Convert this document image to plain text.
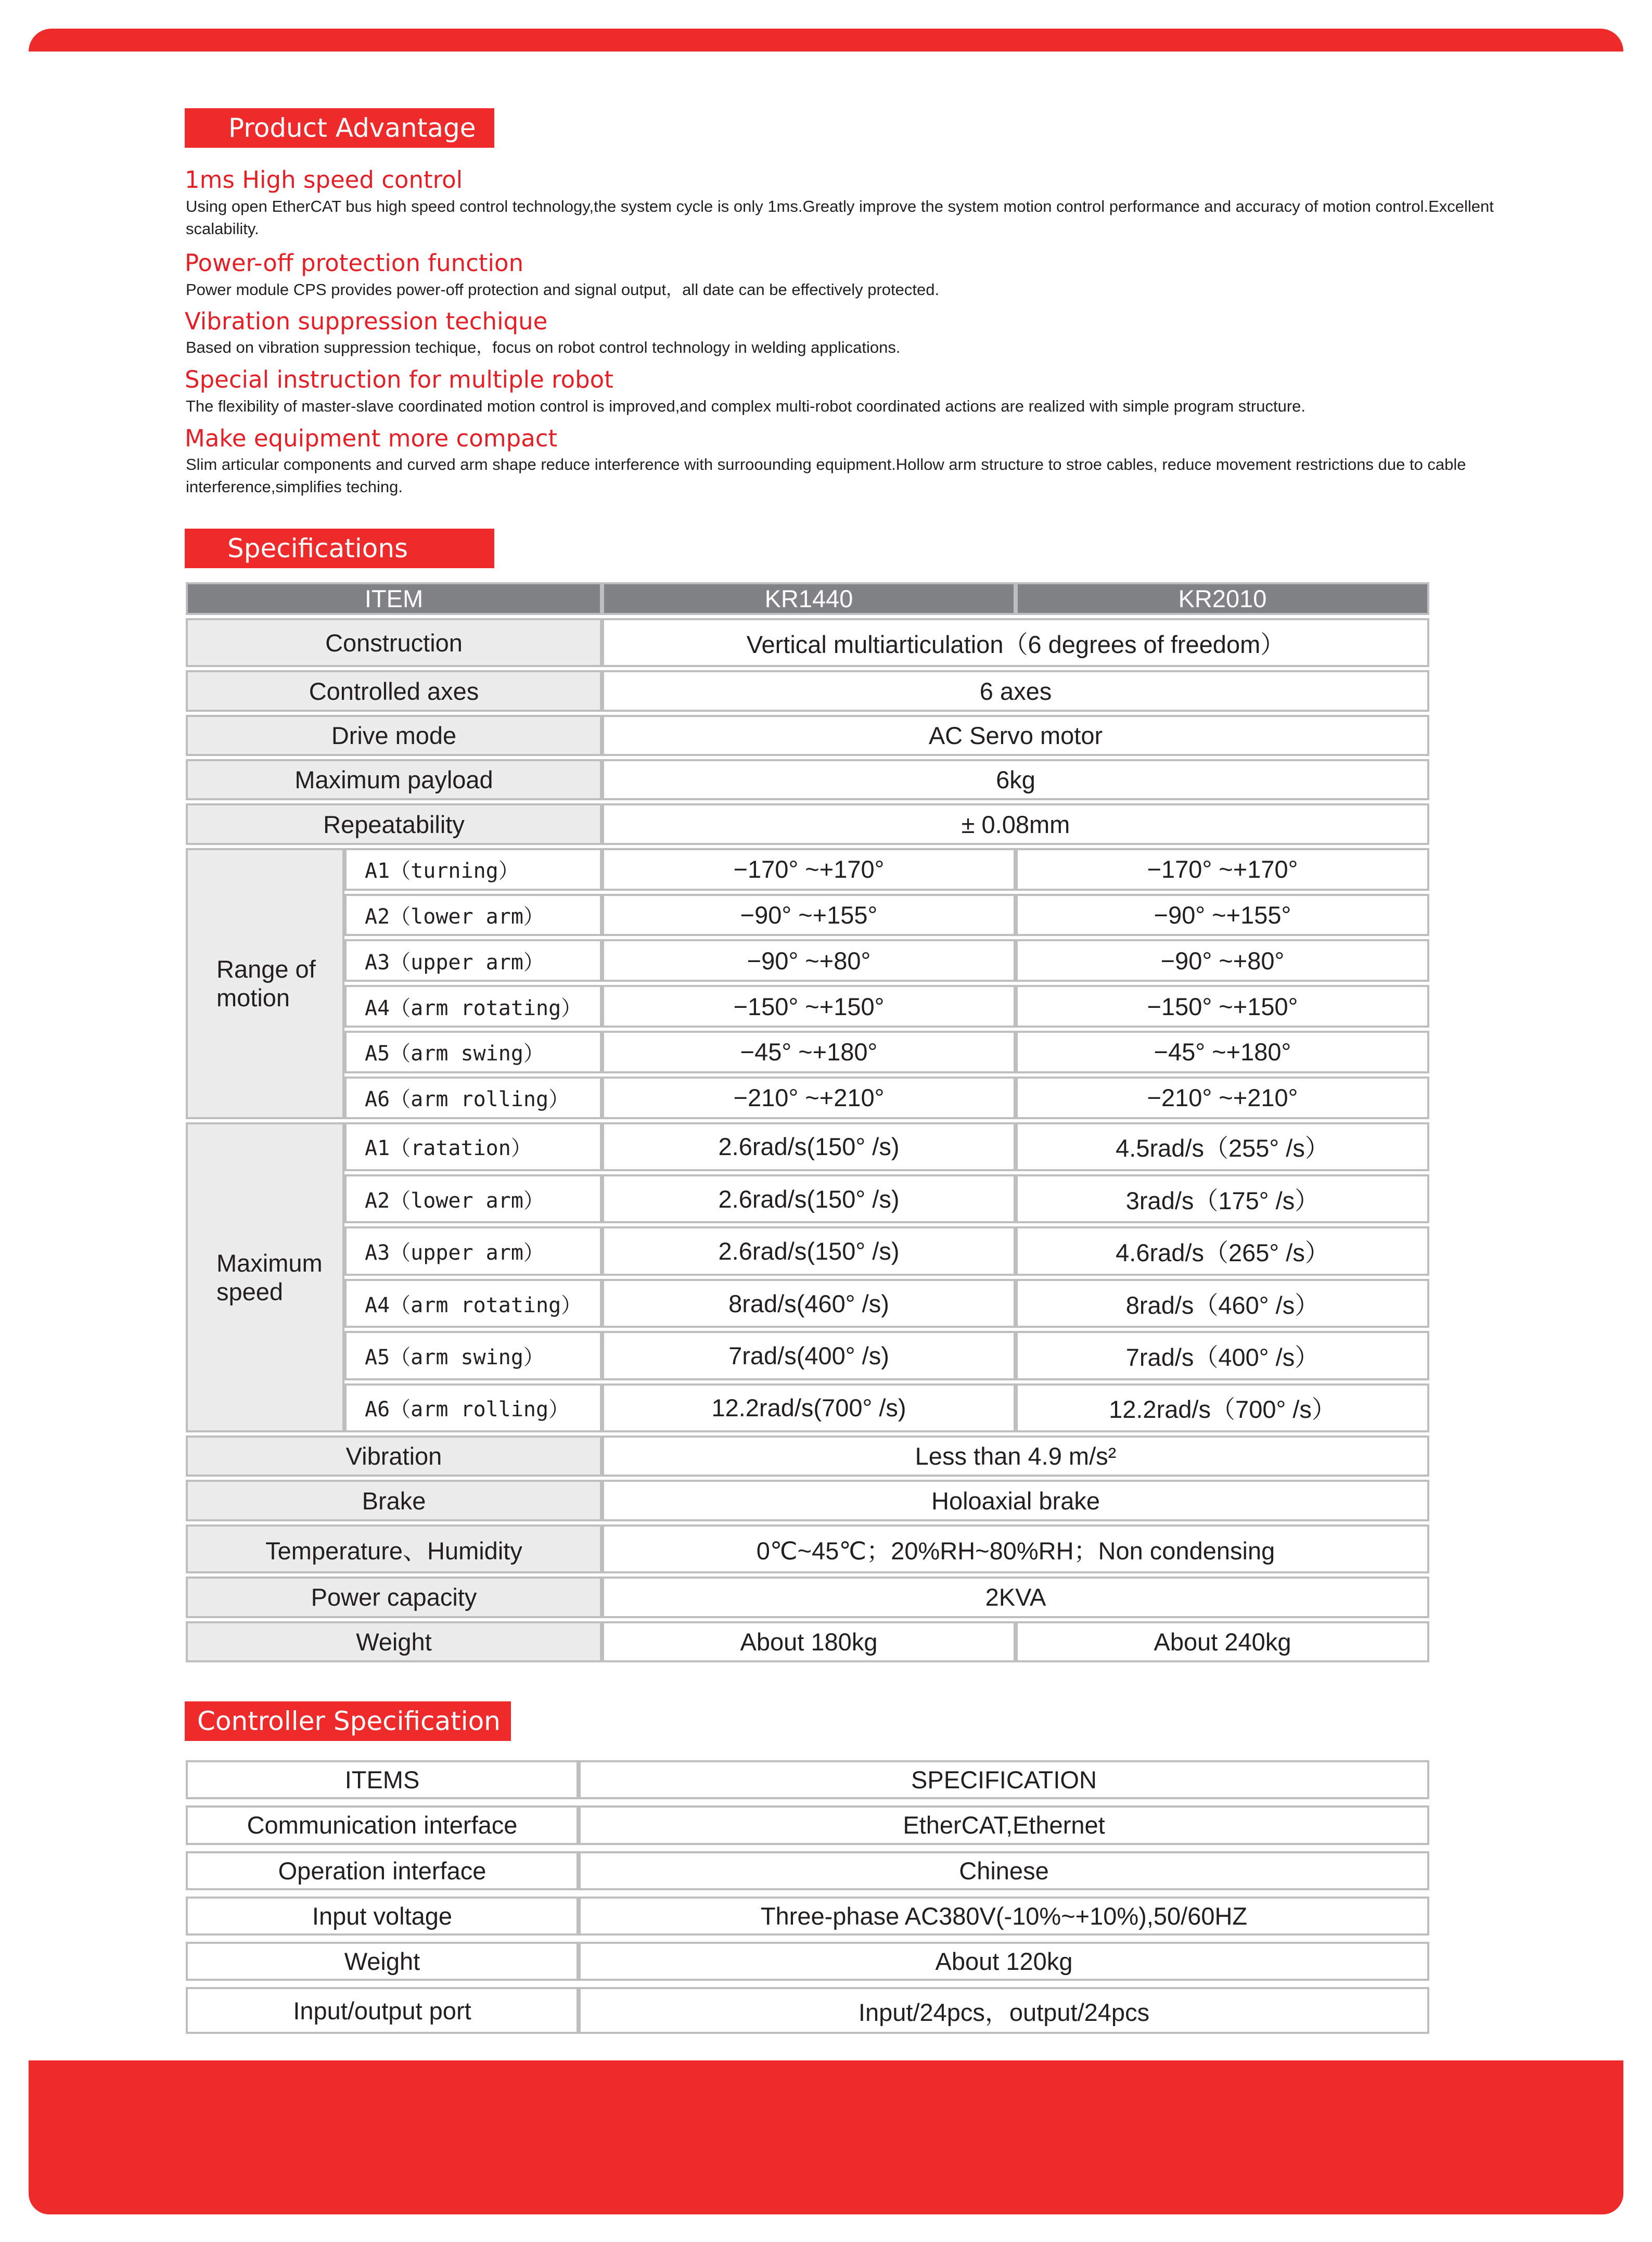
Product Advantage
1ms High speed control
Using open EtherCAT bus high speed control technology,the system cycle is only 1ms.Greatly improve the system motion control performance and accuracy of motion control.Excellent scalability.
Power-off protection function
Power module CPS provides power-off protection and signal output，all date can be effectively protected.
Vibration suppression techique
Based on vibration suppression techique，focus on robot control technology in welding applications.
Special instruction for multiple robot
The flexibility of master-slave coordinated motion control is improved,and complex multi-robot coordinated actions are realized with simple program structure.
Make equipment more compact
Slim articular components and curved arm shape reduce interference with surroounding equipment.Hollow arm structure to stroe cables, reduce movement restrictions due to cable interference,simplifies teching.
Specifications
ITEM		KR1440	KR2010
Construction		Vertical multiarticulation（6 degrees of freedom）	
Controlled axes		6 axes	
Drive mode		AC Servo motor	
Maximum payload		6kg	
Repeatability		± 0.08mm	
Range of motion	A1（turning）	−170° ~+170°	−170° ~+170°
	A2（lower arm）	−90° ~+155°	−90° ~+155°
	A3（upper arm）	−90° ~+80°	−90° ~+80°
	A4（arm rotating）	−150° ~+150°	−150° ~+150°
	A5（arm swing）	−45° ~+180°	−45° ~+180°
	A6（arm rolling）	−210° ~+210°	−210° ~+210°
Maximum speed	A1（ratation）	2.6rad/s(150° /s)	4.5rad/s（255° /s）
	A2（lower arm）	2.6rad/s(150° /s)	3rad/s（175° /s）
	A3（upper arm）	2.6rad/s(150° /s)	4.6rad/s（265° /s）
	A4（arm rotating）	8rad/s(460° /s)	8rad/s（460° /s）
	A5（arm swing）	7rad/s(400° /s)	7rad/s（400° /s）
	A6（arm rolling）	12.2rad/s(700° /s)	12.2rad/s（700° /s）
Vibration		Less than 4.9 m/s²	
Brake		Holoaxial brake	
Temperature、Humidity		0℃~45℃；20%RH~80%RH；Non condensing	
Power capacity		2KVA	
Weight		About 180kg	About 240kg
Controller Specification
ITEMS	SPECIFICATION
Communication interface	EtherCAT,Ethernet
Operation interface	Chinese
Input voltage	Three-phase AC380V(-10%~+10%),50/60HZ
Weight	About 120kg
Input/output port	Input/24pcs，output/24pcs
